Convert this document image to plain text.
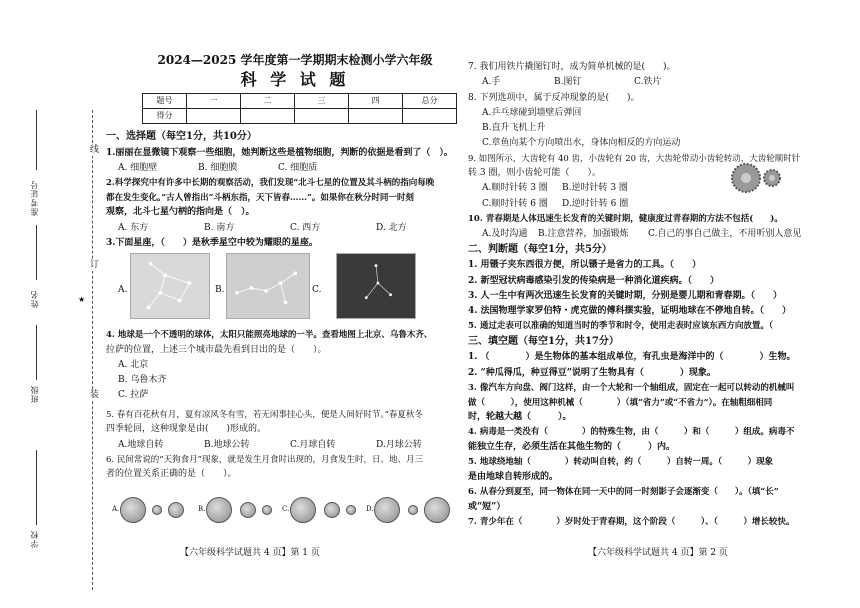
准考证号
姓名
班级
学校
线
订
★
装
2024—2025 学年度第一学期期末检测小学六年级
科 学 试 题
题号	一	二	三	四	总分
得分					
一、选择题（每空1分，共10分）
1.丽丽在显微镜下观察一些细胞，她判断这些是植物细胞，判断的依据是看到了（　）。
A. 细胞壁	B. 细胞膜	C. 细胞质
2.科学探究中有许多中长期的观察活动，我们发现“北斗七星的位置及其斗柄的指向每晚
都在发生变化。”古人曾指出“斗柄东指，天下皆春……”。如果你在秋分时同一时刻
观察，北斗七星勺柄的指向是（　）。
A. 东方	B. 南方	C. 西方	D. 北方
3.下面星座，（　　）是秋季星空中较为耀眼的星座。
A.	B.	C.
4. 地球是一个不透明的球体，太阳只能照亮地球的一半。查看地图上北京、乌鲁木齐、
拉萨的位置，上述三个城市最先看到日出的是（　　）。
A. 北京
B. 乌鲁木齐
C. 拉萨
5. 春有百花秋有月，夏有凉风冬有雪，若无闲事挂心头，便是人间好时节。”春夏秋冬
四季轮回，这种现象是由(　　)形成的。
A.地球自转	B.地球公转	C.月球自转	D.月球公转
6. 民间常说的“天狗食月”现象，就是发生月食时出现的，月食发生时，日、地、月三
者的位置关系正确的是（　　）。
A.	B.	C.	D.
【六年级科学试题共 4 页】第 1 页
7. 我们用铁片撬图钉时，成为简单机械的是(　　)。
A.手	B.图钉	C.铁片
8. 下列选项中，属于反冲现象的是(　　)。
A.乒乓球碰到墙壁后弹回
B.直升飞机上升
C.章鱼向某个方向喷出水，身体向相反的方向运动
9. 如图所示，大齿轮有 40 齿，小齿轮有 20 齿，大齿轮带动小齿轮转动，大齿轮顺时针
转 3 圈，则小齿轮可能（　　）。
A.顺时针转 3 圈 B.逆时针转 3 圈
C.顺时针转 6 圈 D.逆时针转 6 圈
10. 青春期是人体迅速生长发育的关键时期，健康度过青春期的方法不包括(　　)。
A.及时沟通 B.注意营养，加强锻炼 C.自己的事自己做主，不用听别人意见
二、判断题（每空1分，共5分）
1. 用镊子夹东西很方便，所以镊子是省力的工具。（　　）
2. 新型冠状病毒感染引发的传染病是一种消化道疾病。（　　）
3. 人一生中有两次迅速生长发育的关键时期，分别是婴儿期和青春期。（　　）
4. 法国物理学家罗伯特・虎克做的傅科摆实验，证明地球在不停地自转。（　　）
5. 通过走表可以准确的知道当时的季节和时令，使用走表时应该东西方向放置。（
三、填空题（每空1分，共17分）
1. （　　　　）是生物体的基本组成单位，有孔虫是海洋中的（　　　　）生物。
2. “种瓜得瓜，种豆得豆”说明了生物具有（　　　　）现象。
3. 像汽车方向盘、阀门这样，由一个大轮和一个轴组成，固定在一起可以转动的机械叫
做（　　　），使用这种机械（　　　　）（填“省力”或“不省力”）。在轴粗细相同
时，轮越大越（　　　）。
4. 病毒是一类没有（　　　　）的特殊生物，由（　　　）和（　　　）组成。病毒不
能独立生存，必须生活在其他生物的（　　　）内。
5. 地球绕地轴（　　　　）转动叫自转，约（　　　）自转一周。（　　　）现象
是由地球自转形成的。
6. 从春分到夏至，同一物体在同一天中的同一时刻影子会逐渐变（　　）。（填“长”
或“短”）
7. 青少年在（　　　　）岁时处于青春期，这个阶段（　　　）、（　　　）增长较快。
【六年级科学试题共 4 页】第 2 页
